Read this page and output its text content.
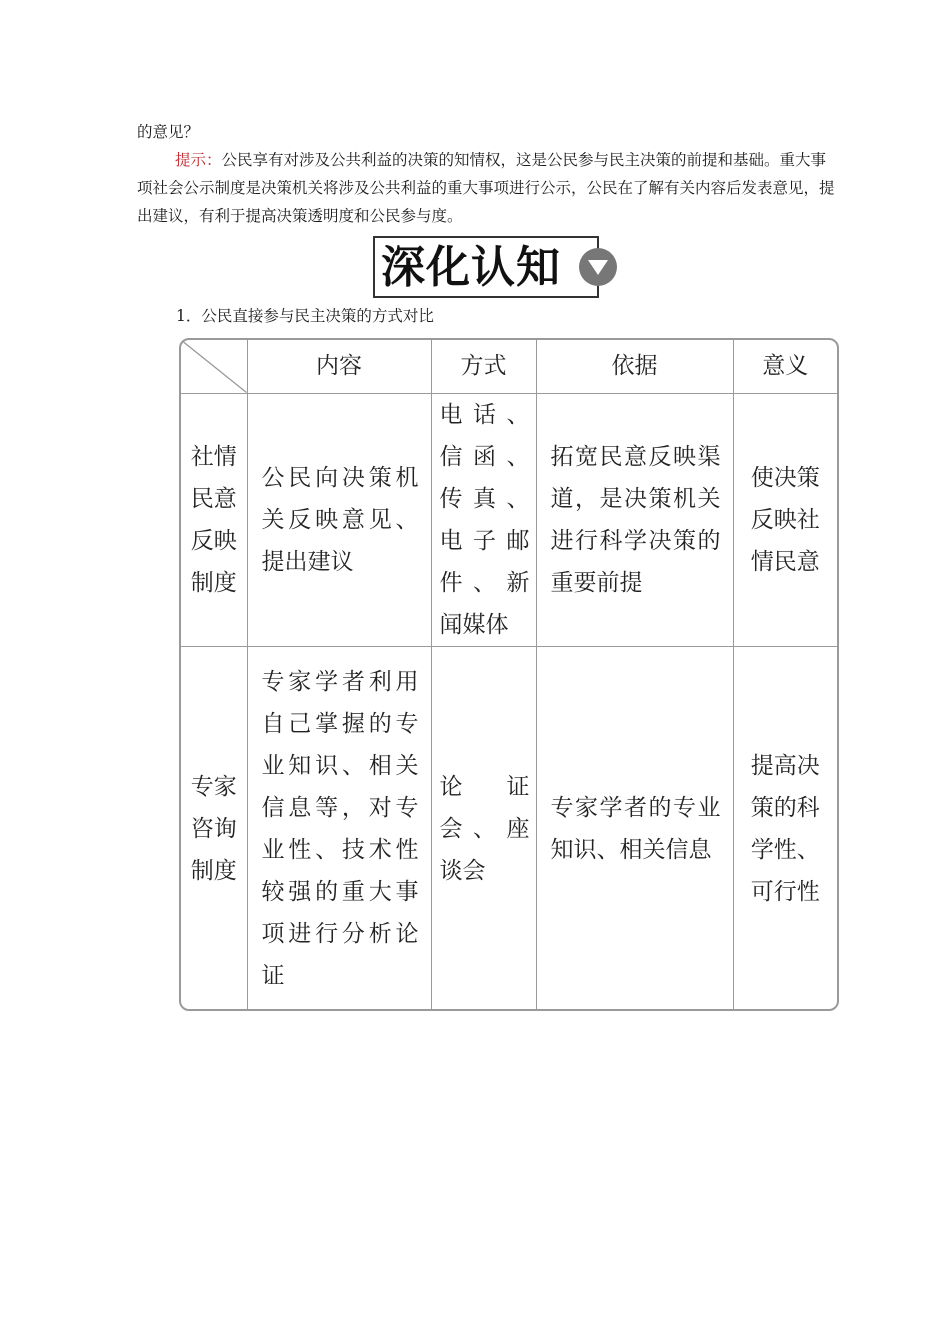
的意见？

提示：公民享有对涉及公共利益的决策的知情权，这是公民参与民主决策的前提和基础。重大事项社会公示制度是决策机关将涉及公共利益的重大事项进行公示，公民在了解有关内容后发表意见，提出建议，有利于提高决策透明度和公民参与度。

深化认知
1．公民直接参与民主决策的方式对比
	内容	方式	依据	意义
社情民意反映制度	公民向决策机关反映意见、提出建议	电话、信函、传真、电子邮件、新闻媒体	拓宽民意反映渠道，是决策机关进行科学决策的重要前提	使决策反映社情民意
专家咨询制度	专家学者利用自己掌握的专业知识、相关信息等，对专业性、技术性较强的重大事项进行分析论证	论证会、座谈会	专家学者的专业知识、相关信息	提高决策的科学性、可行性
